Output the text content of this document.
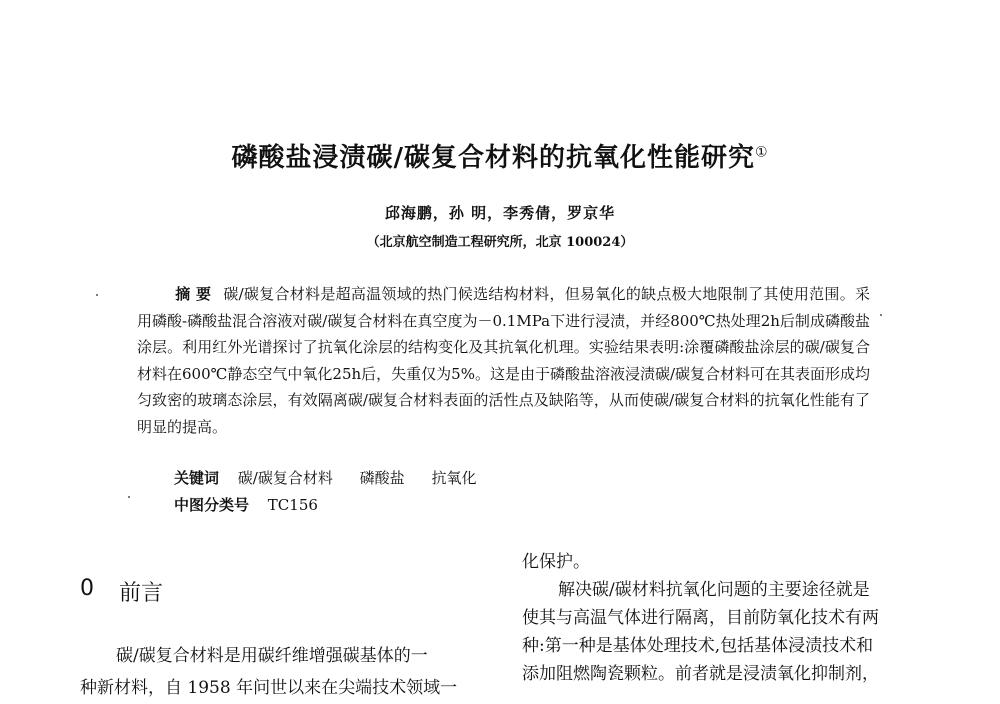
磷酸盐浸渍碳/碳复合材料的抗氧化性能研究①
邱海鹏，孙 明，李秀倩，罗京华
（北京航空制造工程研究所，北京 100024）
摘 要 碳/碳复合材料是超高温领域的热门候选结构材料，但易氧化的缺点极大地限制了其使用范围。采用磷酸-磷酸盐混合溶液对碳/碳复合材料在真空度为－0.1MPa下进行浸渍，并经800℃热处理2h后制成磷酸盐涂层。利用红外光谱探讨了抗氧化涂层的结构变化及其抗氧化机理。实验结果表明:涂覆磷酸盐涂层的碳/碳复合材料在600℃静态空气中氧化25h后，失重仅为5%。这是由于磷酸盐溶液浸渍碳/碳复合材料可在其表面形成均匀致密的玻璃态涂层，有效隔离碳/碳复合材料表面的活性点及缺陷等，从而使碳/碳复合材料的抗氧化性能有了明显的提高。
关键词 碳/碳复合材料 磷酸盐 抗氧化
中图分类号 TC156
0 前言
碳/碳复合材料是用碳纤维增强碳基体的一
种新材料，自 1958 年问世以来在尖端技术领域一
化保护。
解决碳/碳材料抗氧化问题的主要途径就是
使其与高温气体进行隔离，目前防氧化技术有两
种:第一种是基体处理技术,包括基体浸渍技术和
添加阻燃陶瓷颗粒。前者就是浸渍氧化抑制剂，
